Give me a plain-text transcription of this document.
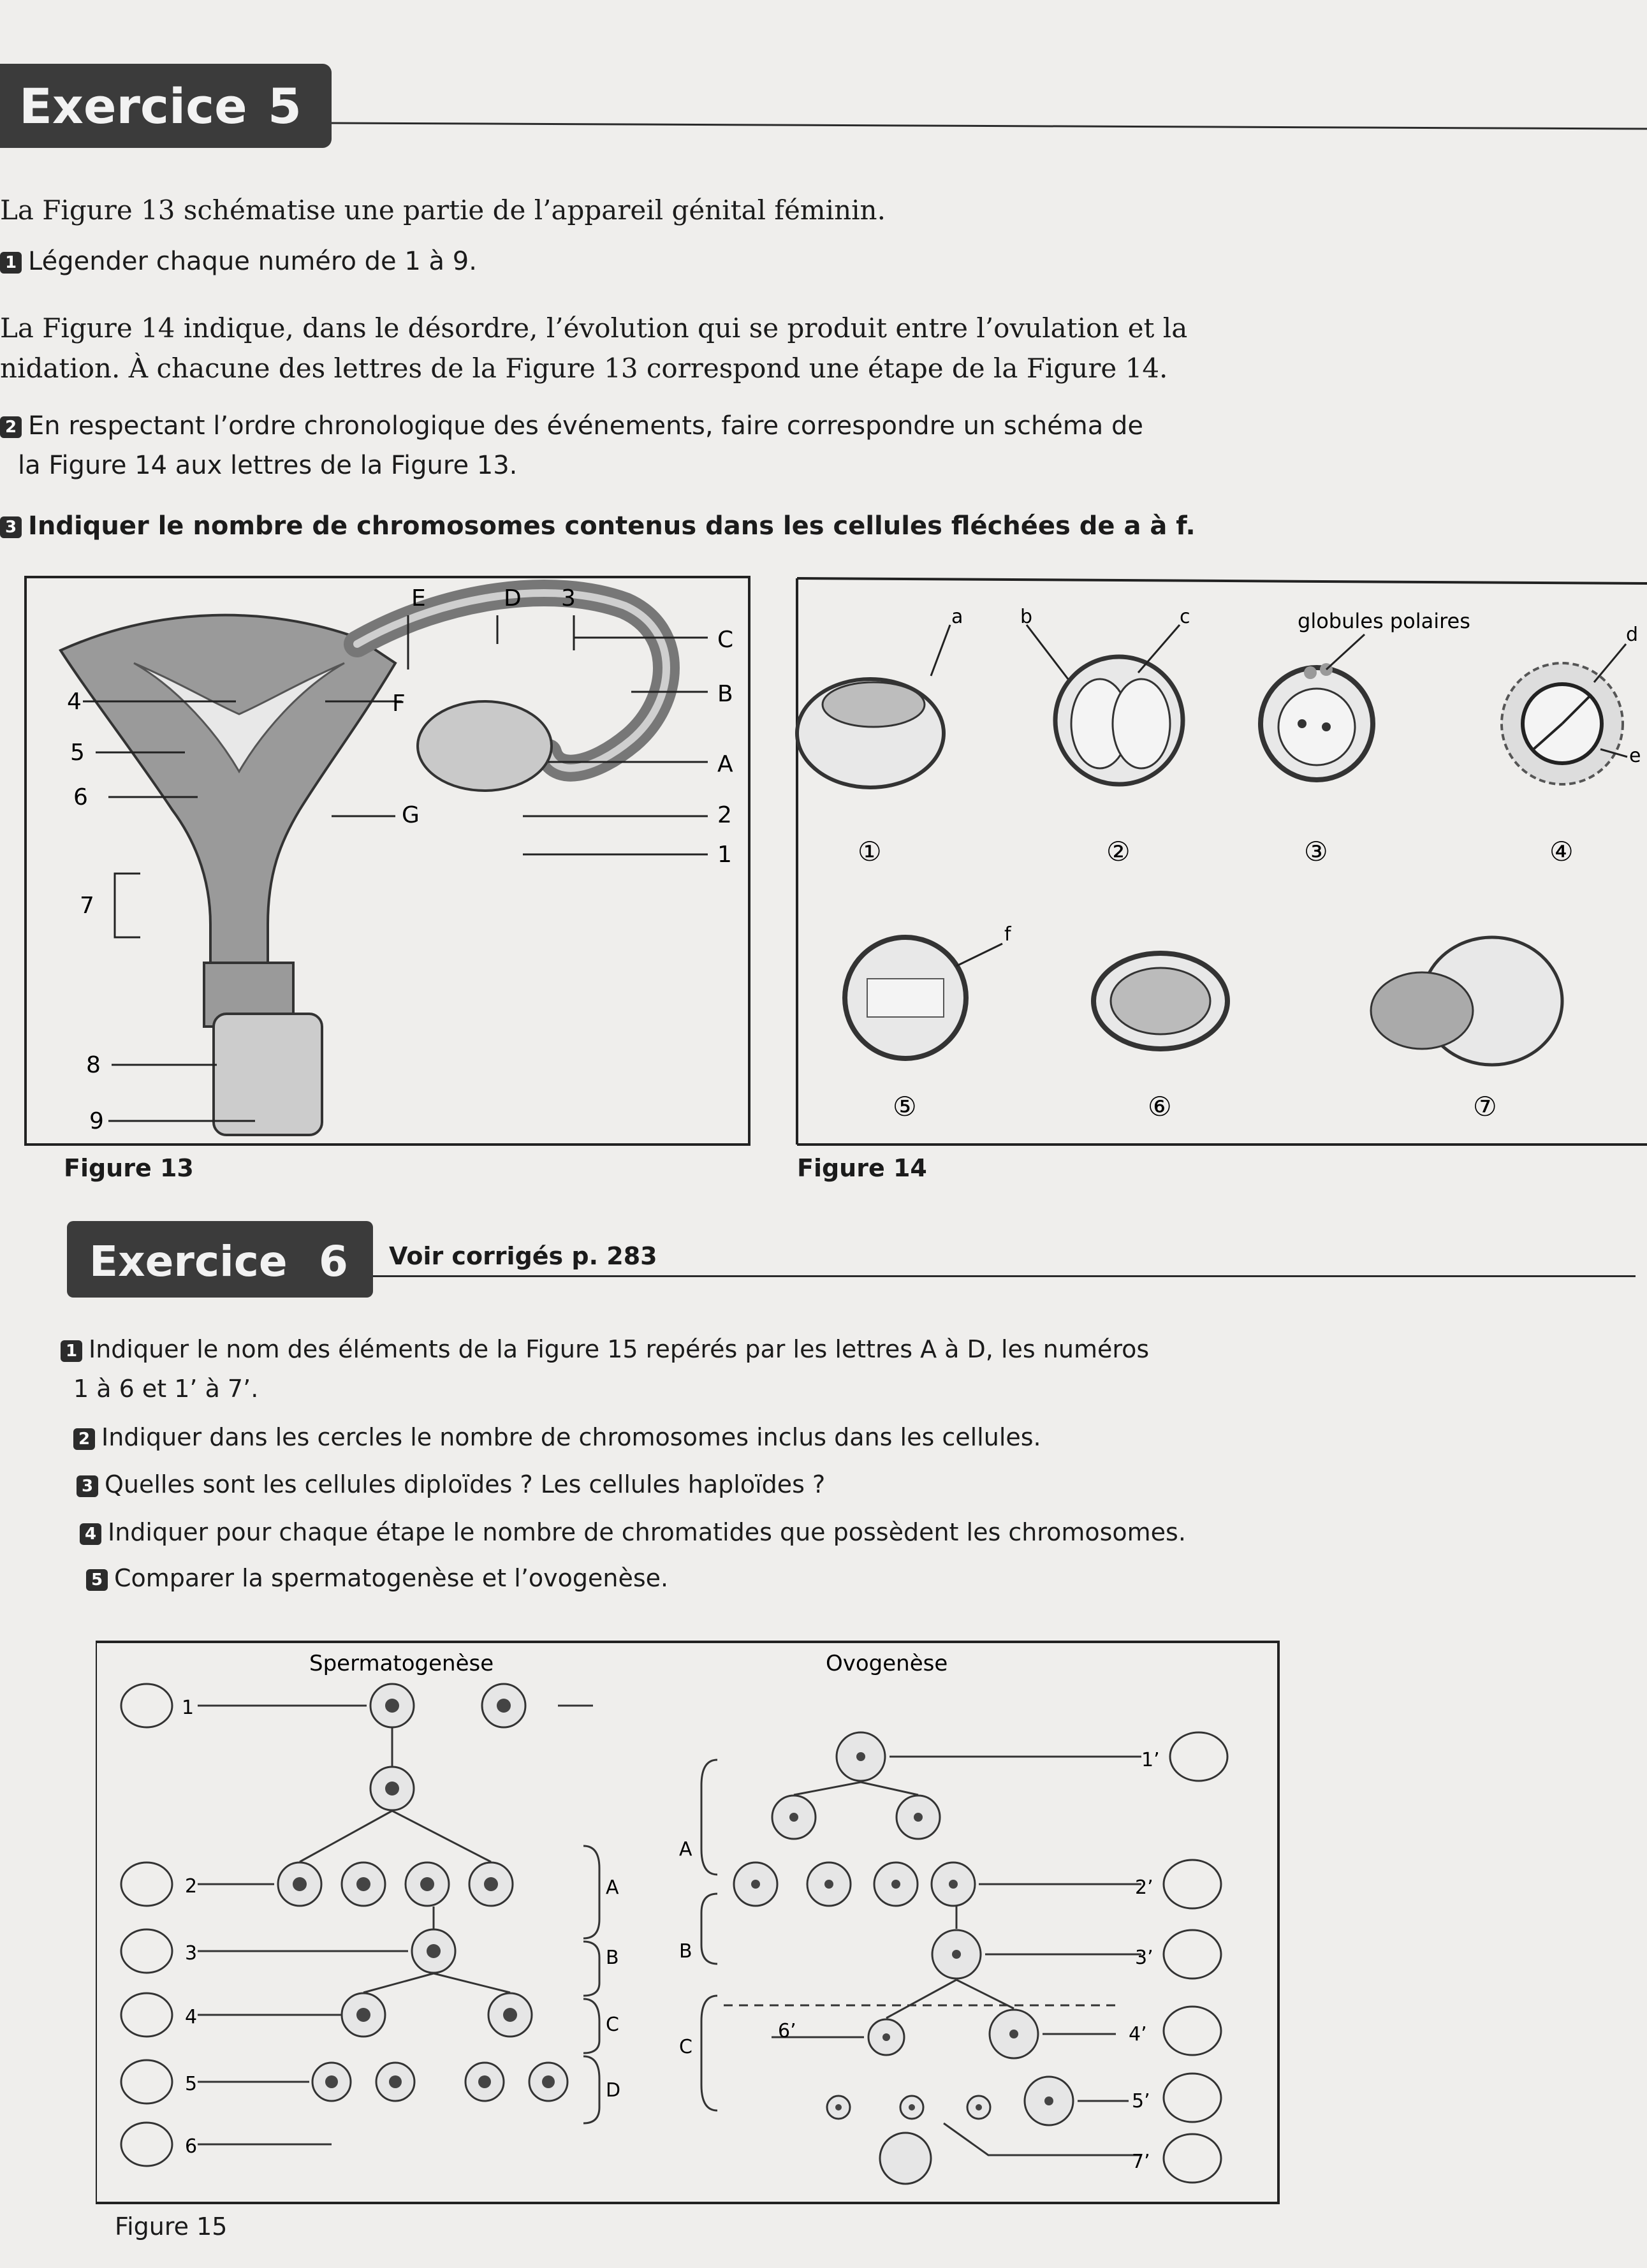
Exercice 5
La Figure 13 schématise une partie de l’appareil génital féminin.
1 Légender chaque numéro de 1 à 9.
La Figure 14 indique, dans le désordre, l’évolution qui se produit entre l’ovulation et la
nidation. À chacune des lettres de la Figure 13 correspond une étape de la Figure 14.
2 En respectant l’ordre chronologique des événements, faire correspondre un schéma de
la Figure 14 aux lettres de la Figure 13.
3 Indiquer le nombre de chromosomes contenus dans les cellules fléchées de a à f.
E	D 3
C
B
F
A
G	2
1
4
5
6
7
8
9
Figure 13
a	b	c	globules polaires
d
e
f
①	②	③	④
⑤	⑥	⑦
Figure 14
Exercice 6 Voir corrigés p. 283
1 Indiquer le nom des éléments de la Figure 15 repérés par les lettres A à D, les numéros
1 à 6 et 1’ à 7’.
2 Indiquer dans les cercles le nombre de chromosomes inclus dans les cellules.
3 Quelles sont les cellules diploïdes ? Les cellules haploïdes ?
4 Indiquer pour chaque étape le nombre de chromatides que possèdent les chromosomes.
5 Comparer la spermatogenèse et l’ovogenèse.
Spermatogenèse	Ovogenèse
1
2
3
4
5
6
A
B
C
D
A
B
C
1’
2’
3’
4’
5’
6’
7’
Figure 15
